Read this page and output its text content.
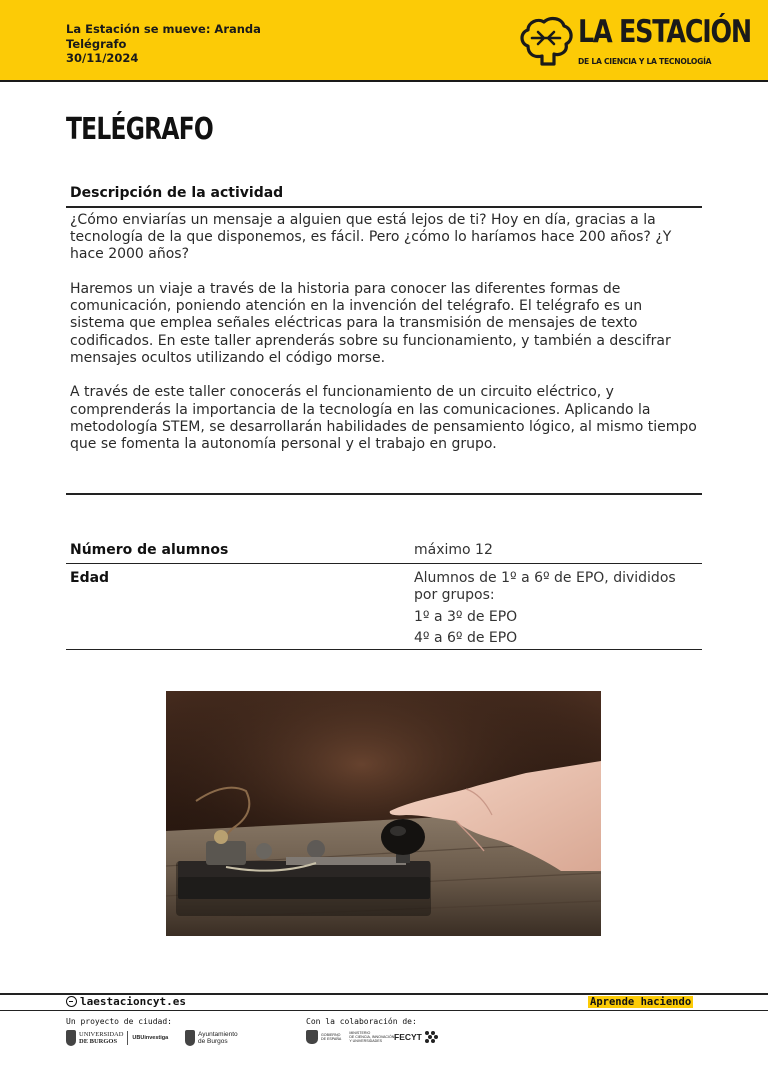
La Estación se mueve: Aranda
Telégrafo
30/11/2024
LA ESTACIÓN
DE LA CIENCIA Y LA TECNOLOGÍA
TELÉGRAFO
Descripción de la actividad

¿Cómo enviarías un mensaje a alguien que está lejos de ti? Hoy en día, gracias a la tecnología de la que disponemos, es fácil. Pero ¿cómo lo haríamos hace 200 años? ¿Y hace 2000 años?

Haremos un viaje a través de la historia para conocer las diferentes formas de comunicación, poniendo atención en la invención del telégrafo. El telégrafo es un sistema que emplea señales eléctricas para la transmisión de mensajes de texto codificados. En este taller aprenderás sobre su funcionamiento, y también a descifrar mensajes ocultos utilizando el código morse.

A través de este taller conocerás el funcionamiento de un circuito eléctrico, y comprenderás la importancia de la tecnología en las comunicaciones. Aplicando la metodología STEM, se desarrollarán habilidades de pensamiento lógico, al mismo tiempo que se fomenta la autonomía personal y el trabajo en grupo.

Número de alumnos	máximo 12
Edad	Alumnos de 1º a 6º de EPO, divididos por grupos:
1º a 3º de EPO
4º a 6º de EPO
laestacioncyt.es	Aprende haciendo
Un proyecto de ciudad:	Con la colaboración de:
UNIVERSIDAD
DE BURGOS
UBUinvestiga	Ayuntamiento
de Burgos
GOBIERNO
DE ESPAÑA
MINISTERIO
DE CIENCIA, INNOVACIÓN
Y UNIVERSIDADES	FECYT
